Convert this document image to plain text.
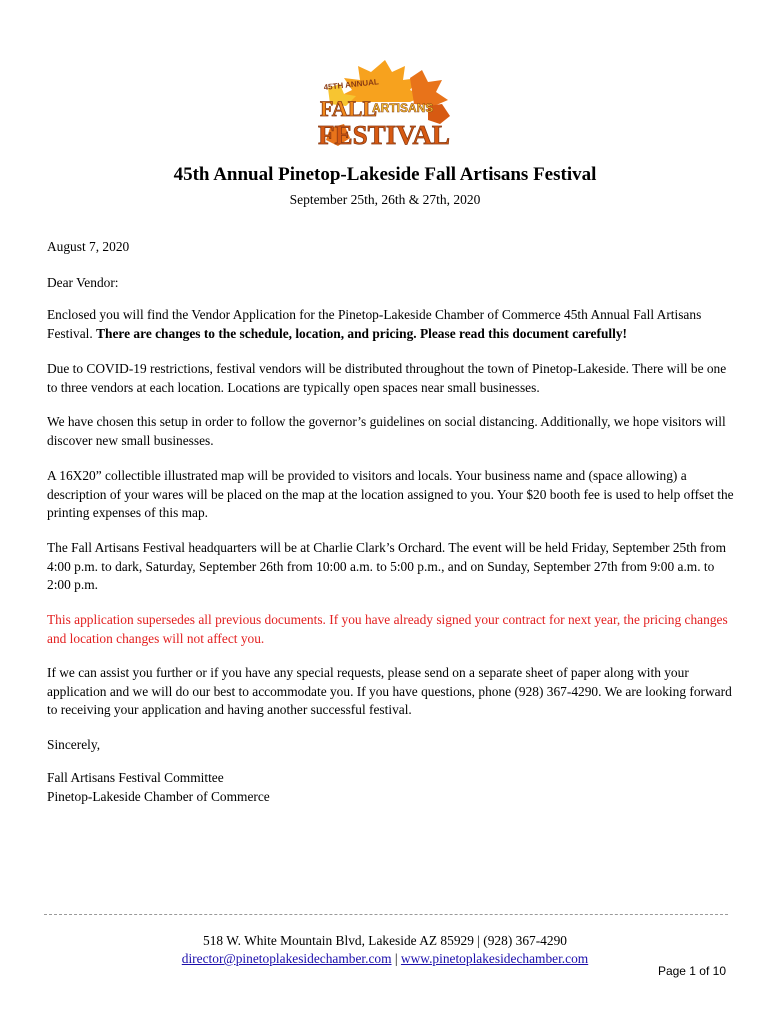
45TH ANNUAL
FALL
ARTISANS
FESTIVAL
45th Annual Pinetop-Lakeside Fall Artisans Festival

September 25th, 26th & 27th, 2020

August 7, 2020

Dear Vendor:

Enclosed you will find the Vendor Application for the Pinetop-Lakeside Chamber of Commerce 45th Annual Fall Artisans Festival. There are changes to the schedule, location, and pricing. Please read this document carefully!

Due to COVID-19 restrictions, festival vendors will be distributed throughout the town of Pinetop-Lakeside. There will be one to three vendors at each location. Locations are typically open spaces near small businesses.

We have chosen this setup in order to follow the governor’s guidelines on social distancing. Additionally, we hope visitors will discover new small businesses.

A 16X20” collectible illustrated map will be provided to visitors and locals. Your business name and (space allowing) a description of your wares will be placed on the map at the location assigned to you. Your $20 booth fee is used to help offset the printing expenses of this map.

The Fall Artisans Festival headquarters will be at Charlie Clark’s Orchard. The event will be held Friday, September 25th from 4:00 p.m. to dark, Saturday, September 26th from 10:00 a.m. to 5:00 p.m., and on Sunday, September 27th from 9:00 a.m. to 2:00 p.m.

This application supersedes all previous documents. If you have already signed your contract for next year, the pricing changes and location changes will not affect you.

If we can assist you further or if you have any special requests, please send on a separate sheet of paper along with your application and we will do our best to accommodate you. If you have questions, phone (928) 367-4290. We are looking forward to receiving your application and having another successful festival.

Sincerely,

Fall Artisans Festival Committee

Pinetop-Lakeside Chamber of Commerce

518 W. White Mountain Blvd, Lakeside AZ 85929 | (928) 367-4290
director@pinetoplakesidechamber.com | www.pinetoplakesidechamber.com
Page 1 of 10
